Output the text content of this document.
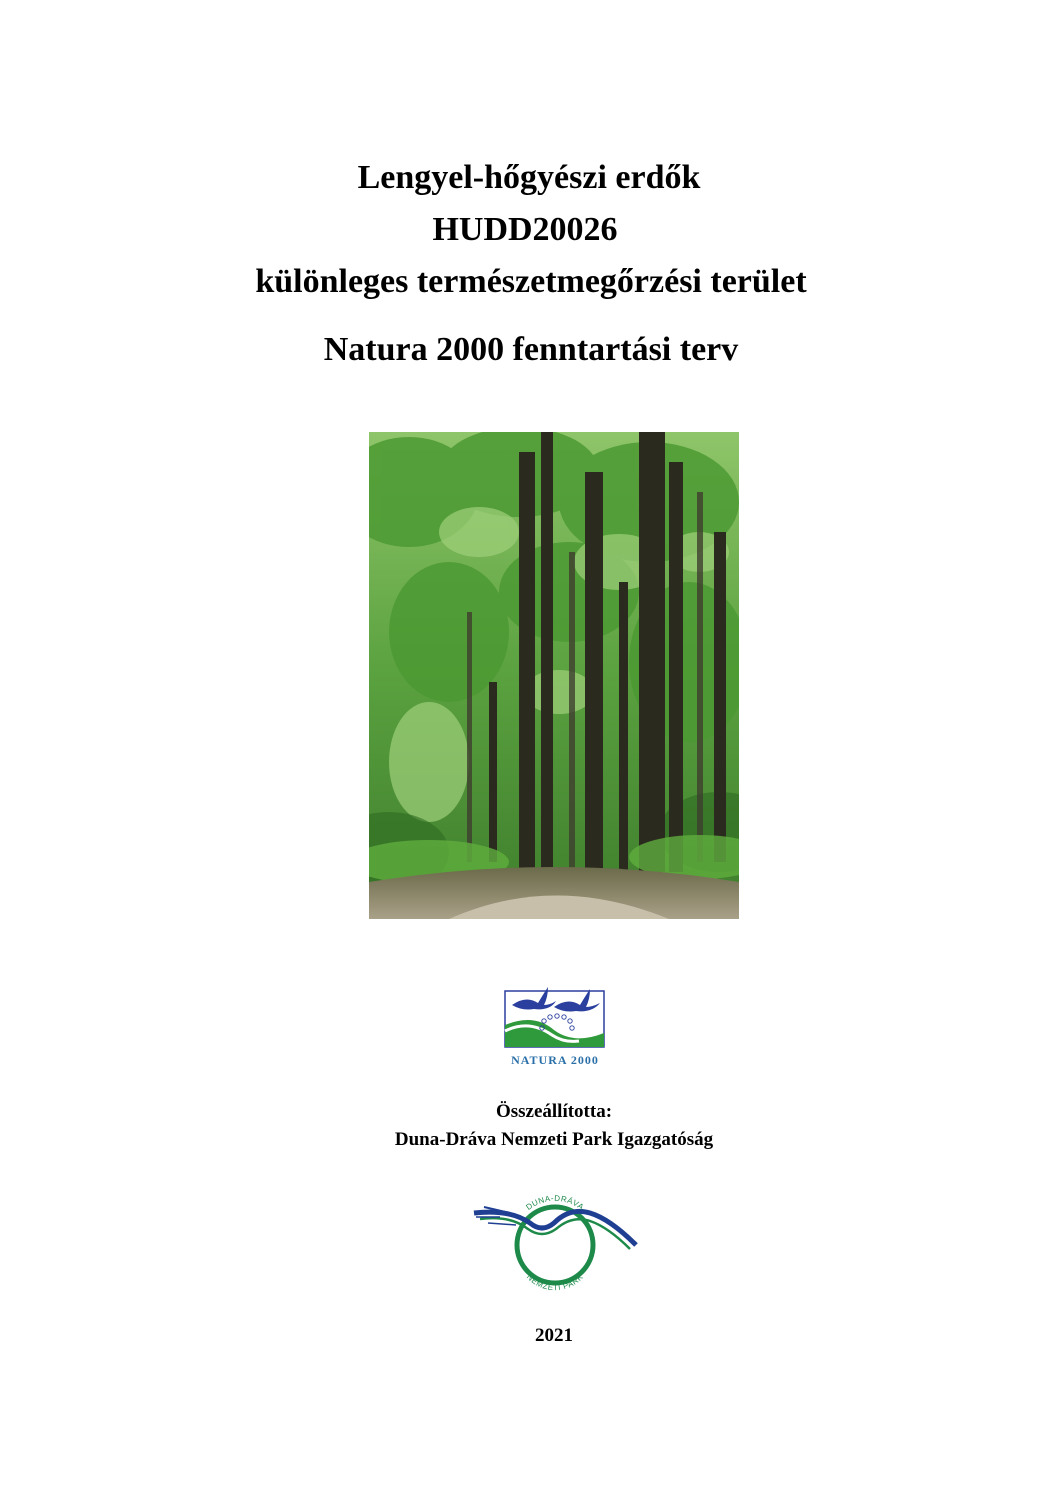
Lengyel-hőgyészi erdők
HUDD20026
különleges természetmegőrzési terület
Natura 2000 fenntartási terv
NATURA 2000
Összeállította:
Duna-Dráva Nemzeti Park Igazgatóság
DUNA-DRÁVA
NEMZETI PARK
2021
